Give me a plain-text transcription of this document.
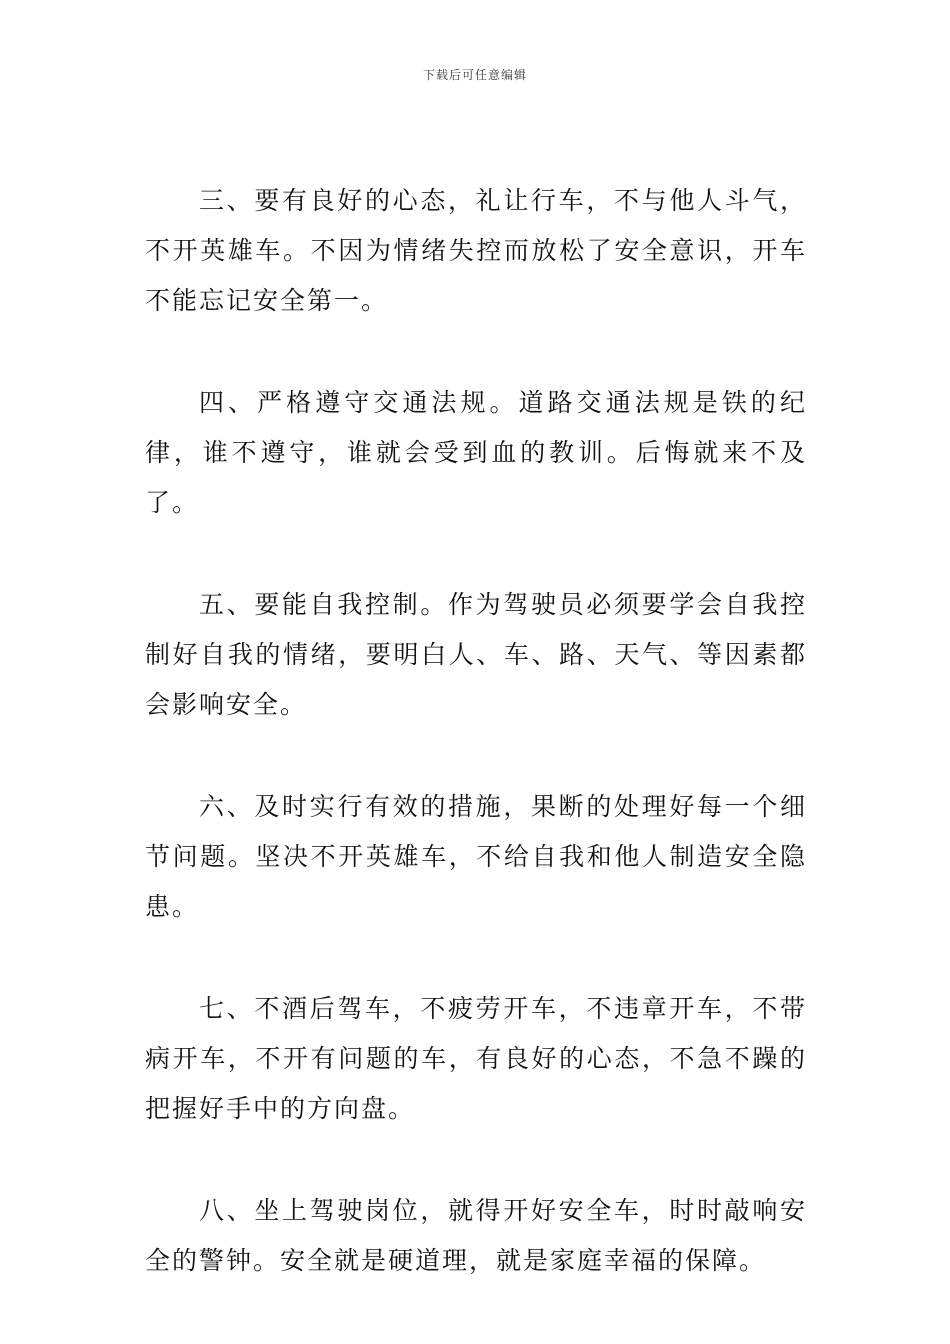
下载后可任意编辑

三、要有良好的心态，礼让行车，不与他人斗气，不开英雄车。不因为情绪失控而放松了安全意识，开车不能忘记安全第一。

四、严格遵守交通法规。道路交通法规是铁的纪律，谁不遵守，谁就会受到血的教训。后悔就来不及了。

五、要能自我控制。作为驾驶员必须要学会自我控制好自我的情绪，要明白人、车、路、天气、等因素都会影响安全。

六、及时实行有效的措施，果断的处理好每一个细节问题。坚决不开英雄车，不给自我和他人制造安全隐患。

七、不酒后驾车，不疲劳开车，不违章开车，不带病开车，不开有问题的车，有良好的心态，不急不躁的把握好手中的方向盘。

八、坐上驾驶岗位，就得开好安全车，时时敲响安全的警钟。安全就是硬道理，就是家庭幸福的保障。
